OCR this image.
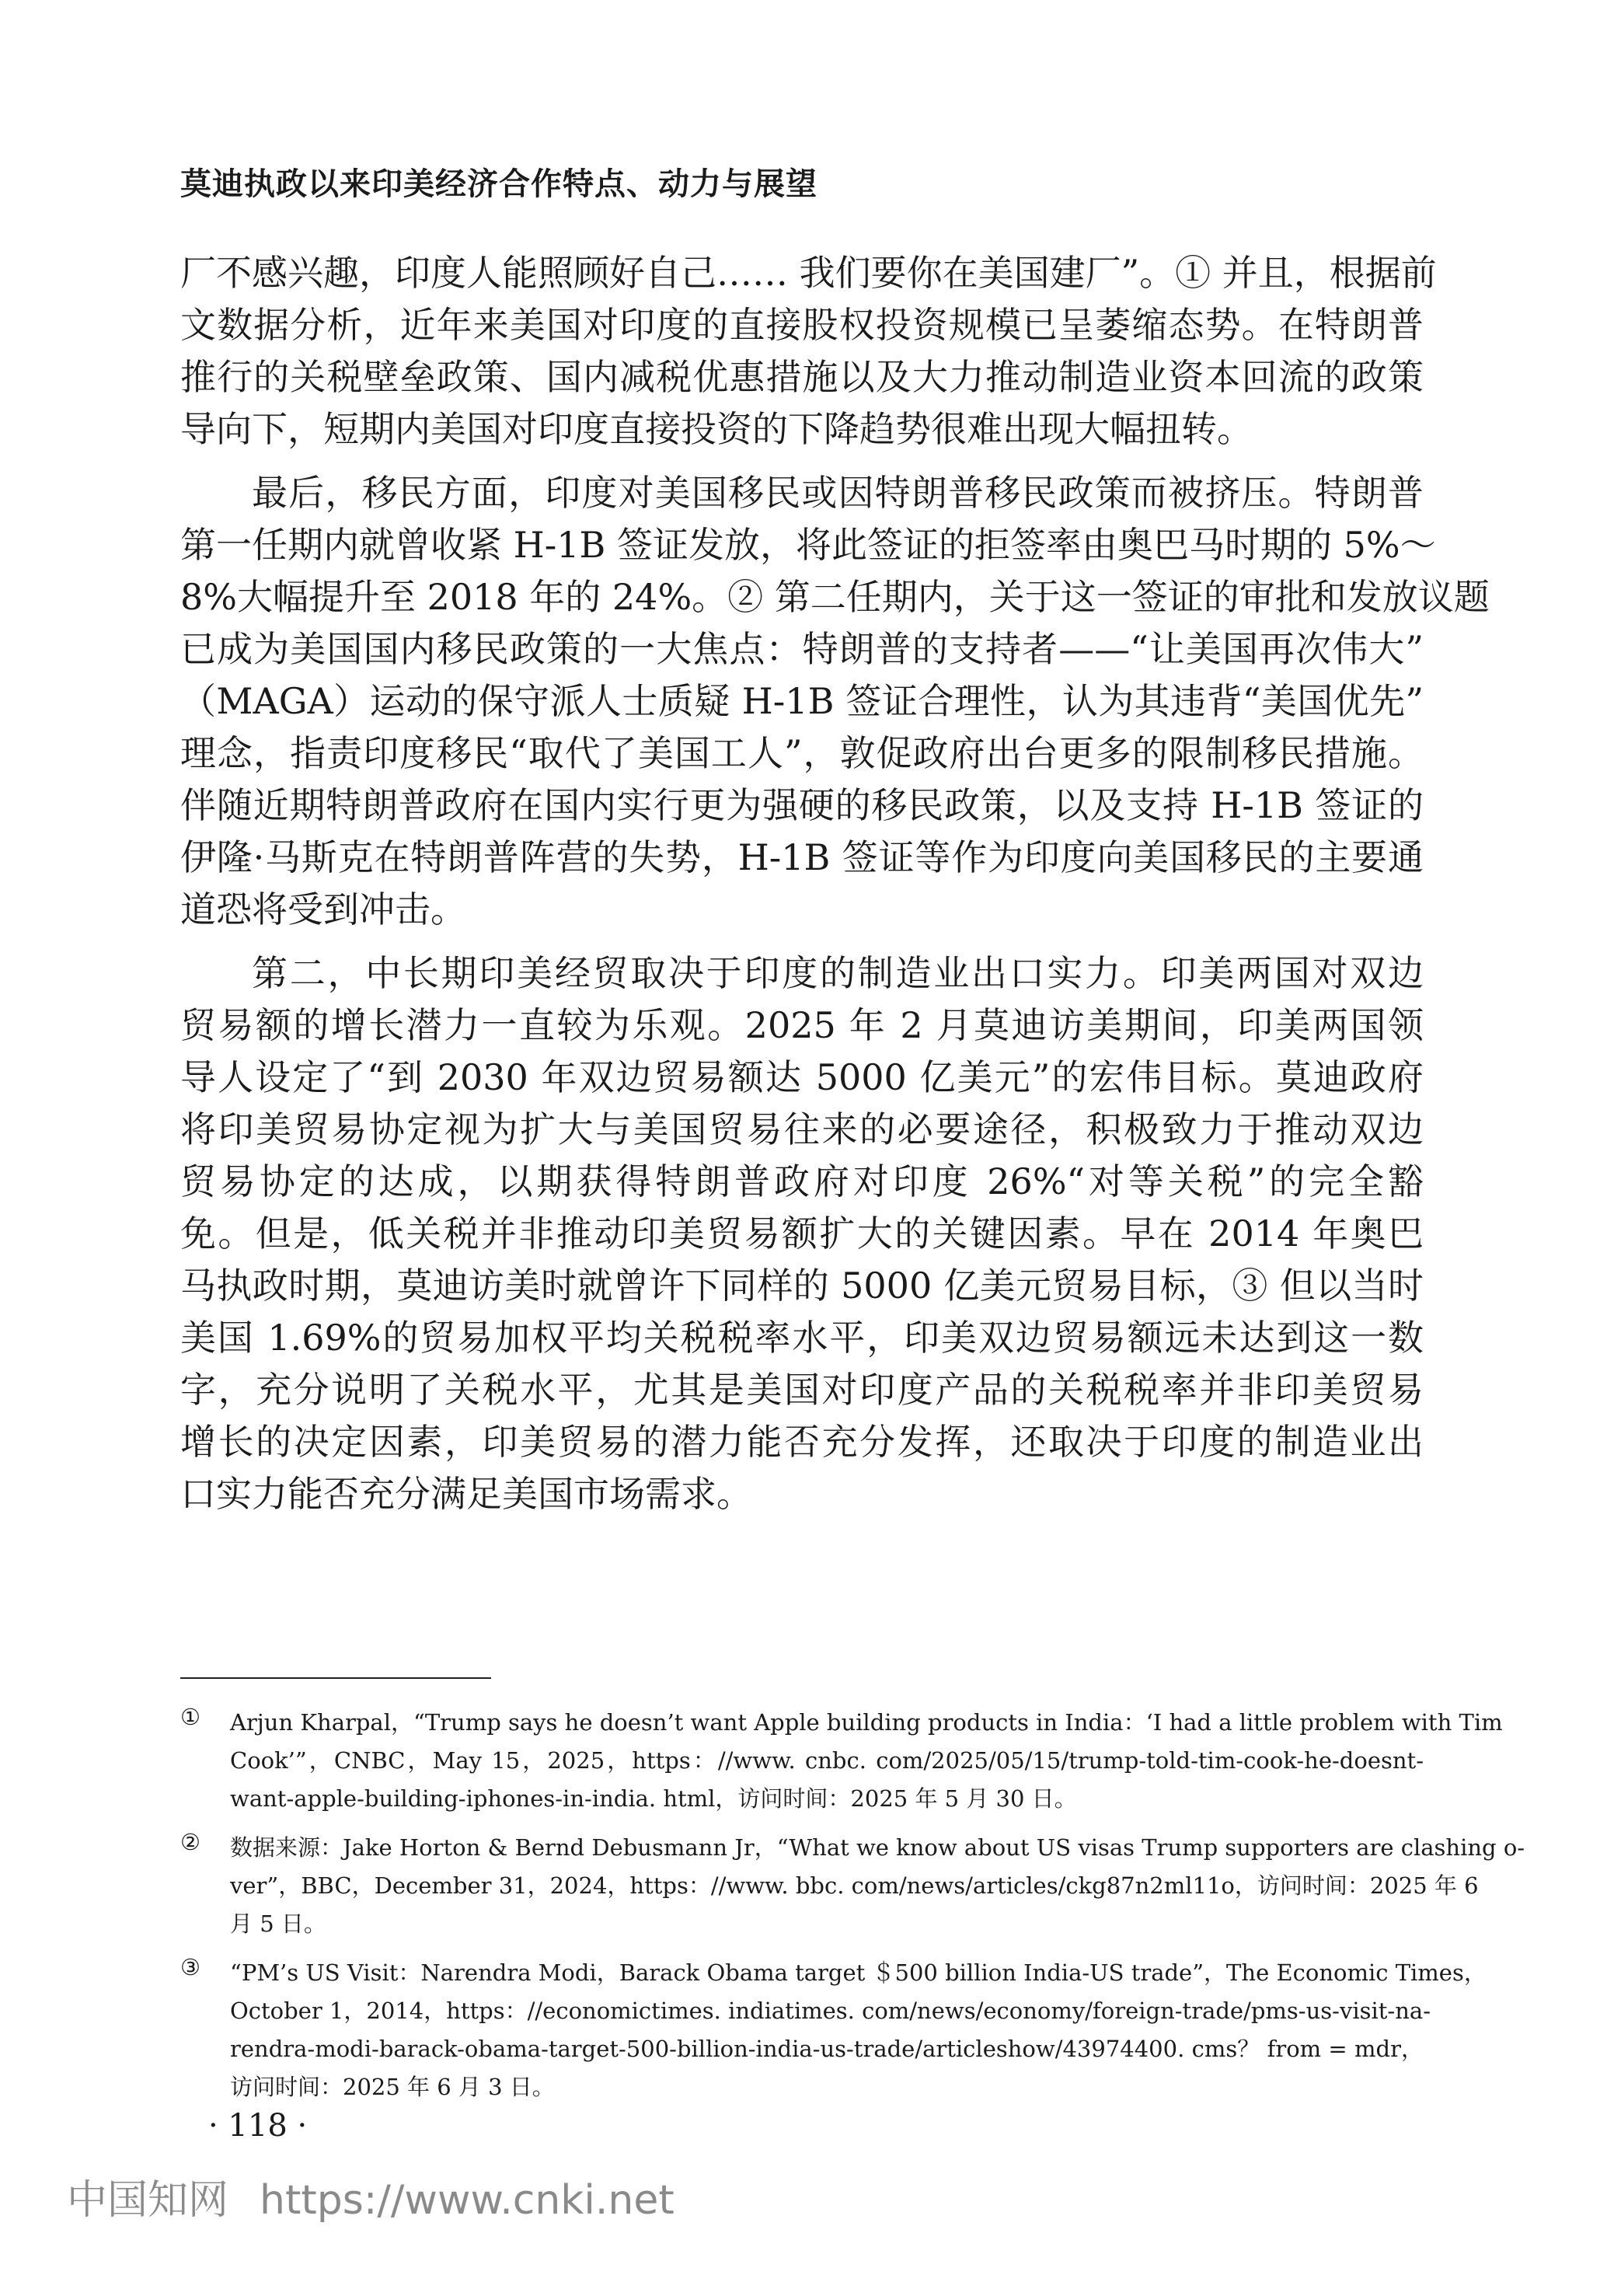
莫迪执政以来印美经济合作特点、动力与展望
厂不感兴趣，印度人能照顾好自己…… 我们要你在美国建厂”。① 并且，根据前
文数据分析，近年来美国对印度的直接股权投资规模已呈萎缩态势。在特朗普
推行的关税壁垒政策、国内减税优惠措施以及大力推动制造业资本回流的政策
导向下，短期内美国对印度直接投资的下降趋势很难出现大幅扭转。
最后，移民方面，印度对美国移民或因特朗普移民政策而被挤压。特朗普
第一任期内就曾收紧 H-1B 签证发放，将此签证的拒签率由奥巴马时期的 5%～
8%大幅提升至 2018 年的 24%。② 第二任期内，关于这一签证的审批和发放议题
已成为美国国内移民政策的一大焦点：特朗普的支持者——“让美国再次伟大”
（MAGA）运动的保守派人士质疑 H-1B 签证合理性，认为其违背“美国优先”
理念，指责印度移民“取代了美国工人”，敦促政府出台更多的限制移民措施。
伴随近期特朗普政府在国内实行更为强硬的移民政策，以及支持 H-1B 签证的
伊隆·马斯克在特朗普阵营的失势，H-1B 签证等作为印度向美国移民的主要通
道恐将受到冲击。
第二，中长期印美经贸取决于印度的制造业出口实力。印美两国对双边
贸易额的增长潜力一直较为乐观。2025 年 2 月莫迪访美期间，印美两国领
导人设定了“到 2030 年双边贸易额达 5000 亿美元”的宏伟目标。莫迪政府
将印美贸易协定视为扩大与美国贸易往来的必要途径，积极致力于推动双边
贸易协定的达成，以期获得特朗普政府对印度 26%“对等关税”的完全豁
免。但是，低关税并非推动印美贸易额扩大的关键因素。早在 2014 年奥巴
马执政时期，莫迪访美时就曾许下同样的 5000 亿美元贸易目标，③ 但以当时
美国 1.69%的贸易加权平均关税税率水平，印美双边贸易额远未达到这一数
字，充分说明了关税水平，尤其是美国对印度产品的关税税率并非印美贸易
增长的决定因素，印美贸易的潜力能否充分发挥，还取决于印度的制造业出
口实力能否充分满足美国市场需求。
① Arjun Kharpal，“Trump says he doesn’t want Apple building products in India：‘I had a little problem with Tim
Cook’”，CNBC，May 15，2025，https：//www. cnbc. com/2025/05/15/trump-told-tim-cook-he-doesnt-
want-apple-building-iphones-in-india. html，访问时间：2025 年 5 月 30 日。
② 数据来源：Jake Horton & Bernd Debusmann Jr，“What we know about US visas Trump supporters are clashing o-
ver”，BBC，December 31，2024，https：//www. bbc. com/news/articles/ckg87n2ml11o，访问时间：2025 年 6
月 5 日。
③ “PM’s US Visit：Narendra Modi，Barack Obama target ＄500 billion India-US trade”，The Economic Times，
October 1，2014，https：//economictimes. indiatimes. com/news/economy/foreign-trade/pms-us-visit-na-
rendra-modi-barack-obama-target-500-billion-india-us-trade/articleshow/43974400. cms？ from = mdr，
访问时间：2025 年 6 月 3 日。
· 118 ·
中国知网 https://www.cnki.net
